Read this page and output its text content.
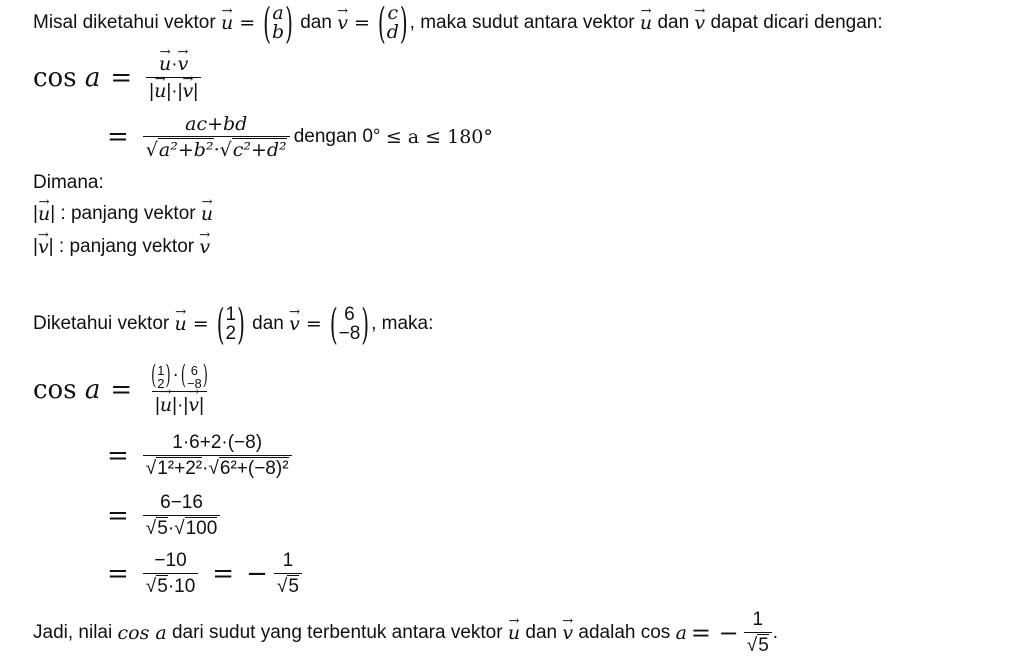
Misal diketahui vektor
→ u = ( a
b )
dan
→ v = ( c
d ) , maka sudut antara vektor
→ u
dan
→ v
dapat dicari dengan:
cos a = → $\frac{u\cdot\to v}{|\to u|\cdot|\to v|}$
= $\frac{ac+bd}{\text{√a²+b²·√c²+d²}}$ dengan 0°
≤ a ≤ 180°
Dimana:
| → u | : panjang vektor
→ u
| → v | : panjang vektor
→ v
Diketahui vektor
→ u = ( 1
2 )
dan
→ v = ( 6
−8 ) , maka:
cos a = ( 1
2 ) · ( 6
−8 )
|→ u|·|→ v|
= $\frac{1\cdot 6+2\cdot(-8)}{\text{√1²+2²·√6²+(−8)²}}$
= $\frac{6-16}{√5\cdot√100}$
= $\frac{-10}{√5\cdot 10}$ = − $\frac{1}{√5}$
Jadi, nilai
cos a
dari sudut yang terbentuk antara vektor
→ u
dan
→ v
adalah cos
a = − $\frac{1}{√5}$ .
